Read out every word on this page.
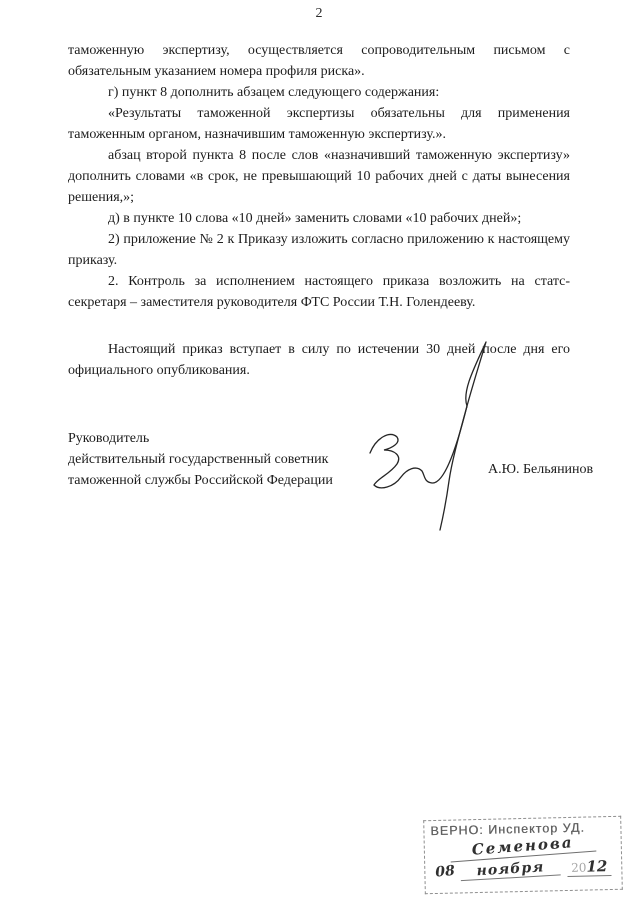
2

таможенную экспертизу, осуществляется сопроводительным письмом с обязательным указанием номера профиля риска».

г) пункт 8 дополнить абзацем следующего содержания:

«Результаты таможенной экспертизы обязательны для применения таможенным органом, назначившим таможенную экспертизу.».

абзац второй пункта 8 после слов «назначивший таможенную экспертизу» дополнить словами «в срок, не превышающий 10 рабочих дней с даты вынесения решения,»;

д) в пункте 10 слова «10 дней» заменить словами «10 рабочих дней»;

2) приложение № 2 к Приказу изложить согласно приложению к настоящему приказу.

2. Контроль за исполнением настоящего приказа возложить на статс-секретаря – заместителя руководителя ФТС России Т.Н. Голендееву.

Настоящий приказ вступает в силу по истечении 30 дней после дня его официального опубликования.

Руководитель
действительный государственный советник
таможенной службы Российской Федерации
А.Ю. Бельянинов
ВЕРНО: Инспектор УД.
Семенова
08	ноября	2012
